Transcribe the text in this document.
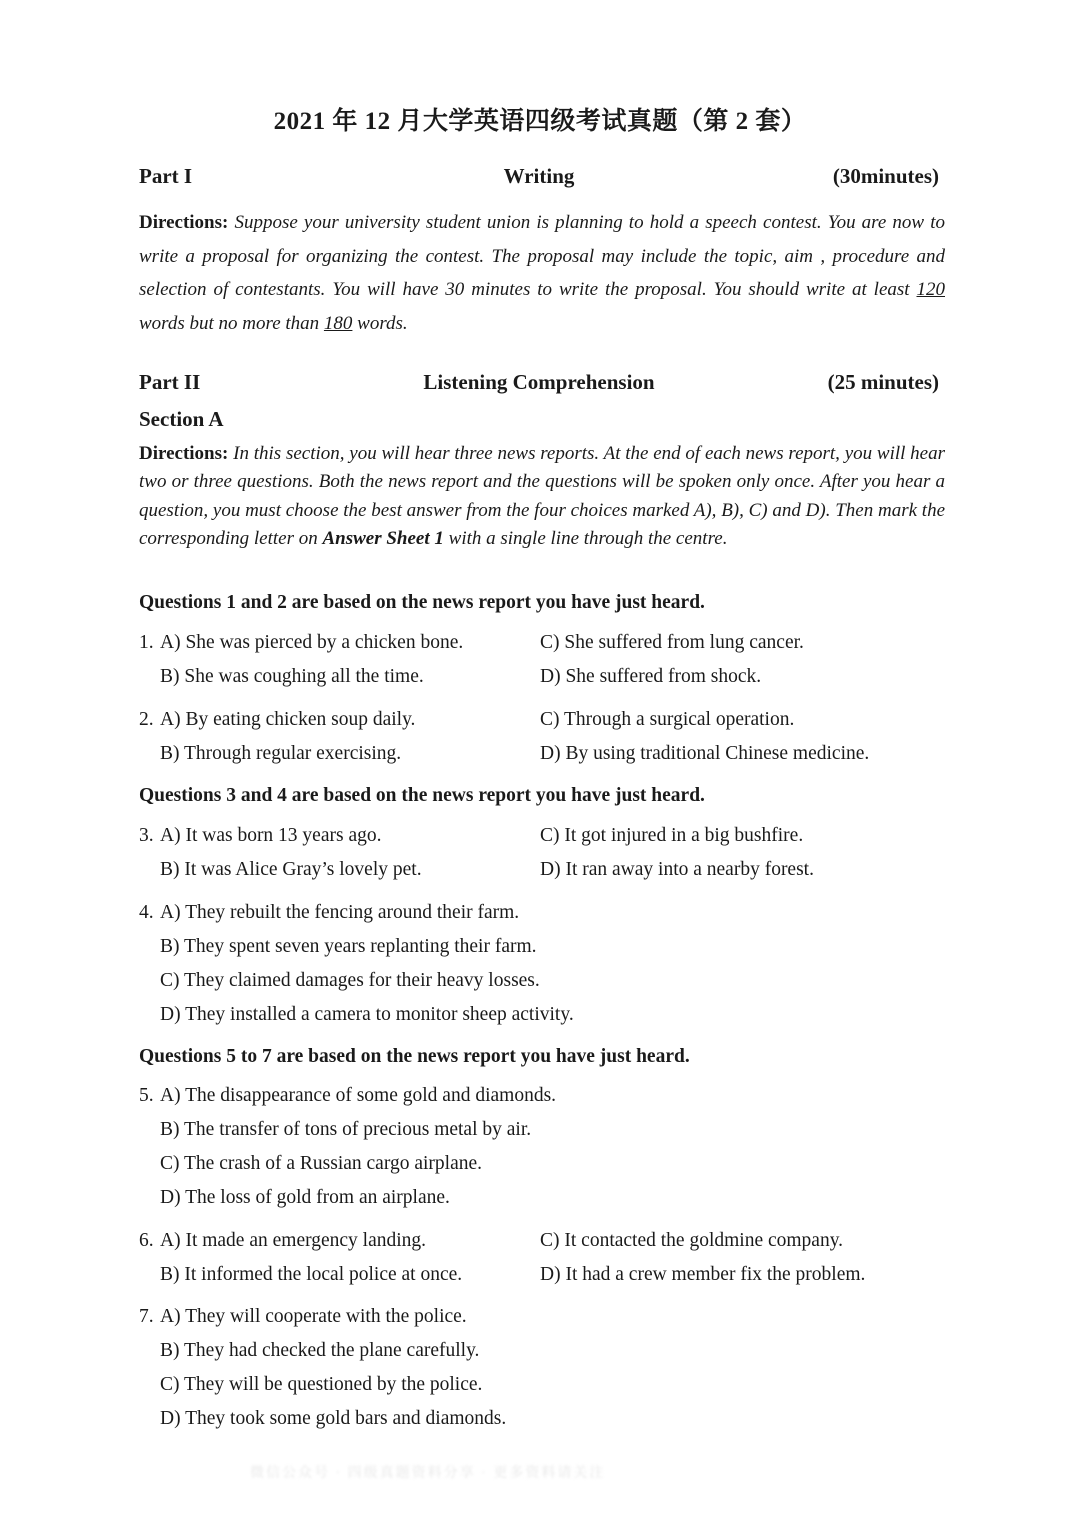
2021 年 12 月大学英语四级考试真题（第 2 套）
Part I	Writing	(30minutes)
Directions: Suppose your university student union is planning to hold a speech contest. You are now to write a proposal for organizing the contest. The proposal may include the topic, aim , procedure and selection of contestants. You will have 30 minutes to write the proposal. You should write at least 120 words but no more than 180 words.
Part II	Listening Comprehension	(25 minutes)
Section A
Directions: In this section, you will hear three news reports. At the end of each news report, you will hear two or three questions. Both the news report and the questions will be spoken only once. After you hear a question, you must choose the best answer from the four choices marked A), B), C) and D). Then mark the corresponding letter on Answer Sheet 1 with a single line through the centre.
Questions 1 and 2 are based on the news report you have just heard.
1. A) She was pierced by a chicken bone.	C) She suffered from lung cancer.
B) She was coughing all the time.	D) She suffered from shock.
2. A) By eating chicken soup daily.	C) Through a surgical operation.
B) Through regular exercising.	D) By using traditional Chinese medicine.
Questions 3 and 4 are based on the news report you have just heard.
3. A) It was born 13 years ago.	C) It got injured in a big bushfire.
B) It was Alice Gray’s lovely pet.	D) It ran away into a nearby forest.
4. A) They rebuilt the fencing around their farm.
B) They spent seven years replanting their farm.
C) They claimed damages for their heavy losses.
D) They installed a camera to monitor sheep activity.
Questions 5 to 7 are based on the news report you have just heard.
5. A) The disappearance of some gold and diamonds.
B) The transfer of tons of precious metal by air.
C) The crash of a Russian cargo airplane.
D) The loss of gold from an airplane.
6. A) It made an emergency landing.	C) It contacted the goldmine company.
B) It informed the local police at once.	D) It had a crew member fix the problem.
7. A) They will cooperate with the police.
B) They had checked the plane carefully.
C) They will be questioned by the police.
D) They took some gold bars and diamonds.
微信公众号 · 四级真题资料分享 · 更多资料请关注
